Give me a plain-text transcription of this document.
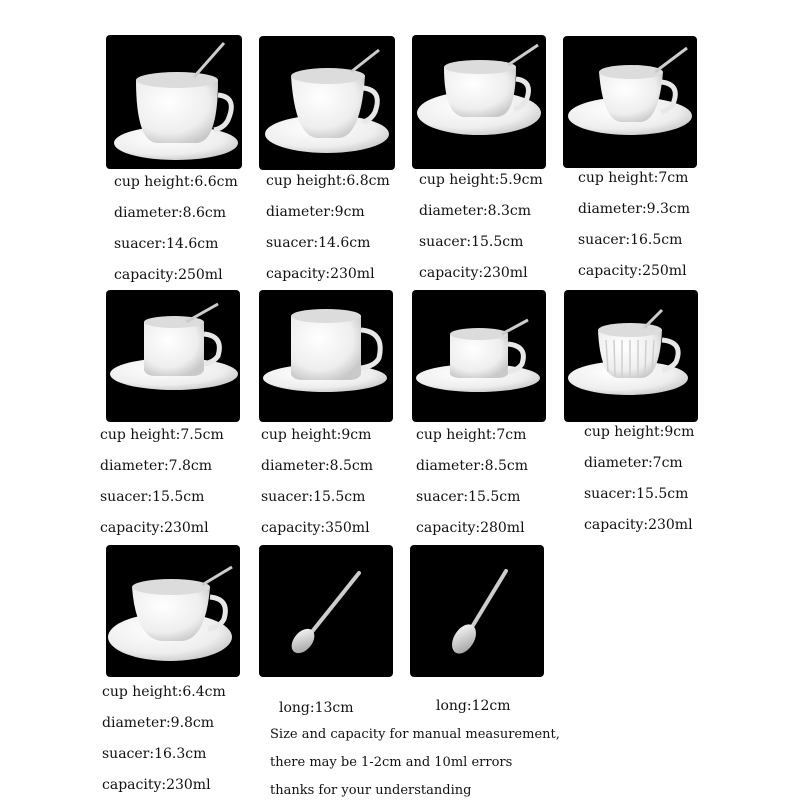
cup height:6.6cm
diameter:8.6cm
suacer:14.6cm
capacity:250ml
cup height:6.8cm
diameter:9cm
suacer:14.6cm
capacity:230ml
cup height:5.9cm
diameter:8.3cm
suacer:15.5cm
capacity:230ml
cup height:7cm
diameter:9.3cm
suacer:16.5cm
capacity:250ml
cup height:7.5cm
diameter:7.8cm
suacer:15.5cm
capacity:230ml
cup height:9cm
diameter:8.5cm
suacer:15.5cm
capacity:350ml
cup height:7cm
diameter:8.5cm
suacer:15.5cm
capacity:280ml
cup height:9cm
diameter:7cm
suacer:15.5cm
capacity:230ml
cup height:6.4cm
diameter:9.8cm
suacer:16.3cm
capacity:230ml
long:13cm	long:12cm
Size and capacity for manual measurement,
there may be 1-2cm and 10ml errors
thanks for your understanding
